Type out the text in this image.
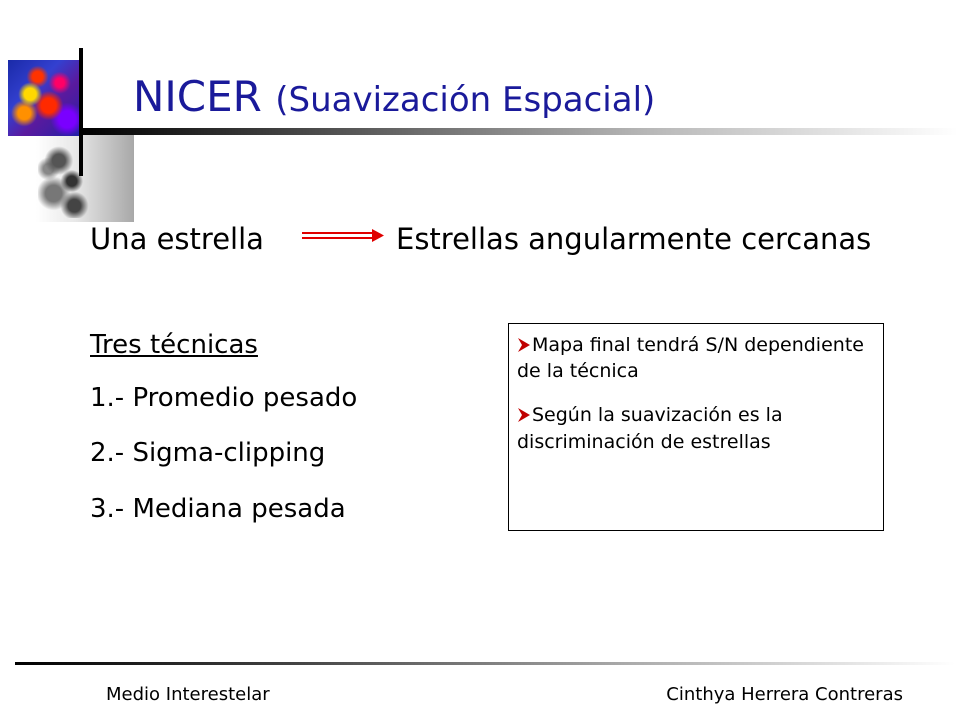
NICER (Suavización Espacial)
Una estrella	Estrellas angularmente cercanas
Tres técnicas
1.- Promedio pesado
2.- Sigma-clipping
3.- Mediana pesada
Mapa final tendrá S/N dependiente de la técnica
Según la suavización es la discriminación de estrellas
Medio Interestelar	Cinthya Herrera Contreras
